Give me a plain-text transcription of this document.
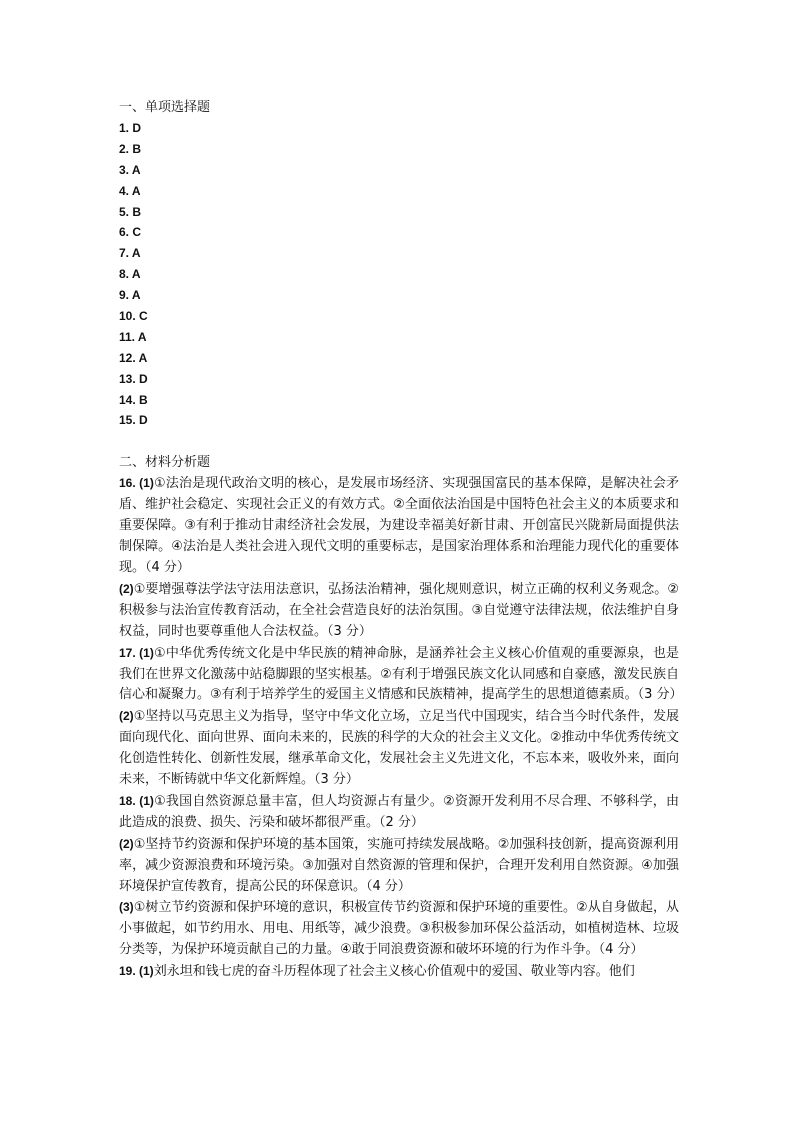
一、单项选择题
1. D
2. B
3. A
4. A
5. B
6. C
7. A
8. A
9. A
10. C
11. A
12. A
13. D
14. B
15. D
二、材料分析题

16. (1)①法治是现代政治文明的核心，是发展市场经济、实现强国富民的基本保障，是解决社会矛盾、维护社会稳定、实现社会正义的有效方式。②全面依法治国是中国特色社会主义的本质要求和重要保障。③有利于推动甘肃经济社会发展，为建设幸福美好新甘肃、开创富民兴陇新局面提供法制保障。④法治是人类社会进入现代文明的重要标志，是国家治理体系和治理能力现代化的重要体现。（4 分）

(2)①要增强尊法学法守法用法意识，弘扬法治精神，强化规则意识，树立正确的权利义务观念。②积极参与法治宣传教育活动，在全社会营造良好的法治氛围。③自觉遵守法律法规，依法维护自身权益，同时也要尊重他人合法权益。（3 分）

17. (1)①中华优秀传统文化是中华民族的精神命脉，是涵养社会主义核心价值观的重要源泉，也是我们在世界文化激荡中站稳脚跟的坚实根基。②有利于增强民族文化认同感和自豪感，激发民族自信心和凝聚力。③有利于培养学生的爱国主义情感和民族精神，提高学生的思想道德素质。（3 分）

(2)①坚持以马克思主义为指导，坚守中华文化立场，立足当代中国现实，结合当今时代条件，发展面向现代化、面向世界、面向未来的，民族的科学的大众的社会主义文化。②推动中华优秀传统文化创造性转化、创新性发展，继承革命文化，发展社会主义先进文化，不忘本来，吸收外来，面向未来，不断铸就中华文化新辉煌。（3 分）

18. (1)①我国自然资源总量丰富，但人均资源占有量少。②资源开发利用不尽合理、不够科学，由此造成的浪费、损失、污染和破坏都很严重。（2 分）

(2)①坚持节约资源和保护环境的基本国策，实施可持续发展战略。②加强科技创新，提高资源利用率，减少资源浪费和环境污染。③加强对自然资源的管理和保护，合理开发利用自然资源。④加强环境保护宣传教育，提高公民的环保意识。（4 分）

(3)①树立节约资源和保护环境的意识，积极宣传节约资源和保护环境的重要性。②从自身做起，从小事做起，如节约用水、用电、用纸等，减少浪费。③积极参加环保公益活动，如植树造林、垃圾分类等，为保护环境贡献自己的力量。④敢于同浪费资源和破坏环境的行为作斗争。（4 分）

19. (1)刘永坦和钱七虎的奋斗历程体现了社会主义核心价值观中的爱国、敬业等内容。他们
